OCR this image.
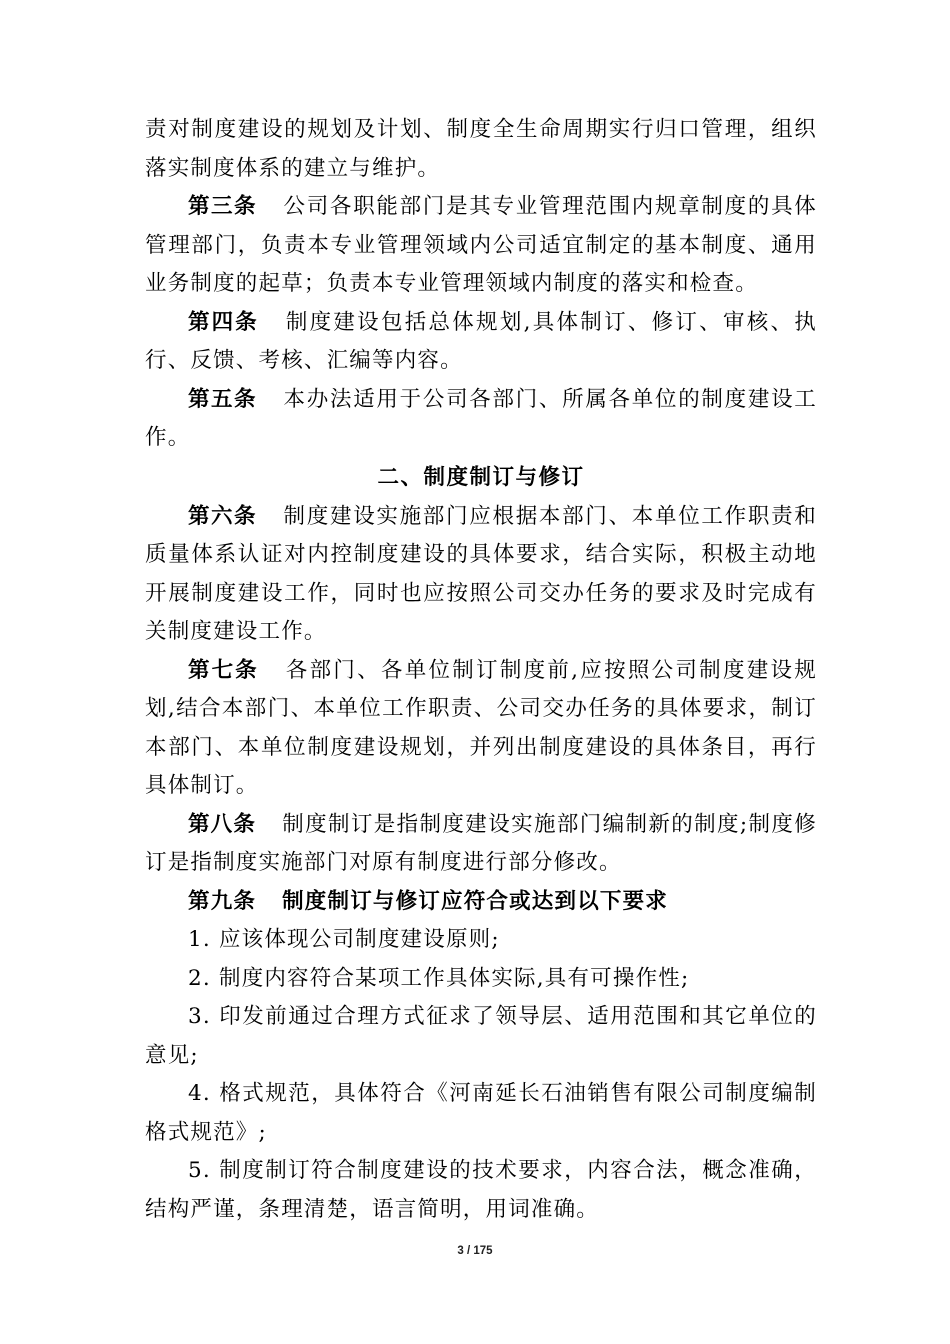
责对制度建设的规划及计划、制度全生命周期实行归口管理，组织落实制度体系的建立与维护。

第三条 公司各职能部门是其专业管理范围内规章制度的具体管理部门，负责本专业管理领域内公司适宜制定的基本制度、通用业务制度的起草；负责本专业管理领域内制度的落实和检查。

第四条 制度建设包括总体规划,具体制订、修订、审核、执行、反馈、考核、汇编等内容。

第五条 本办法适用于公司各部门、所属各单位的制度建设工作。

二、制度制订与修订

第六条 制度建设实施部门应根据本部门、本单位工作职责和质量体系认证对内控制度建设的具体要求，结合实际，积极主动地开展制度建设工作，同时也应按照公司交办任务的要求及时完成有关制度建设工作。

第七条 各部门、各单位制订制度前,应按照公司制度建设规划,结合本部门、本单位工作职责、公司交办任务的具体要求，制订本部门、本单位制度建设规划，并列出制度建设的具体条目，再行具体制订。

第八条 制度制订是指制度建设实施部门编制新的制度;制度修订是指制度实施部门对原有制度进行部分修改。

第九条 制度制订与修订应符合或达到以下要求

1. 应该体现公司制度建设原则;

2. 制度内容符合某项工作具体实际,具有可操作性;

3. 印发前通过合理方式征求了领导层、适用范围和其它单位的意见;

4. 格式规范，具体符合《河南延长石油销售有限公司制度编制格式规范》;

5. 制度制订符合制度建设的技术要求，内容合法，概念准确，结构严谨，条理清楚，语言简明，用词准确。

3 / 175
